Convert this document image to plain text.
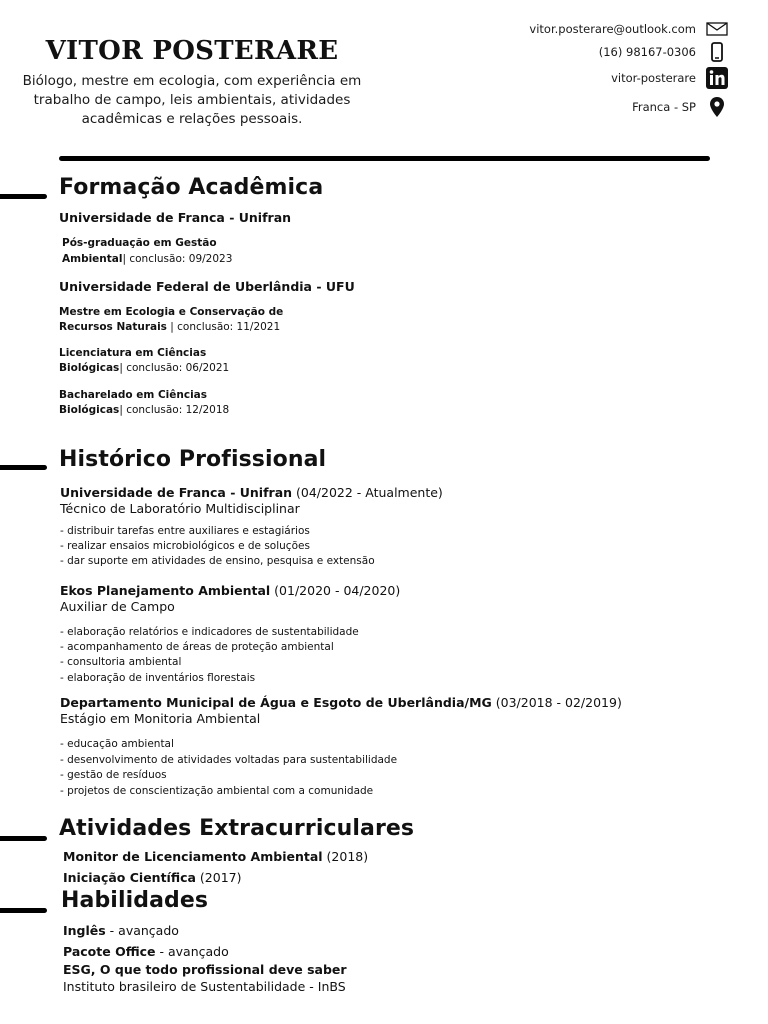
VITOR POSTERARE
Biólogo, mestre em ecologia, com experiência em trabalho de campo, leis ambientais, atividades acadêmicas e relações pessoais.
vitor.posterare@outlook.com
(16) 98167-0306
vitor-posterare
Franca - SP
Formação Acadêmica
Universidade de Franca - Unifran
Pós-graduação em Gestão
Ambiental| conclusão: 09/2023
Universidade Federal de Uberlândia - UFU
Mestre em Ecologia e Conservação de
Recursos Naturais | conclusão: 11/2021
Licenciatura em Ciências
Biológicas| conclusão: 06/2021
Bacharelado em Ciências
Biológicas| conclusão: 12/2018
Histórico Profissional
Universidade de Franca - Unifran (04/2022 - Atualmente)
Técnico de Laboratório Multidisciplinar
- distribuir tarefas entre auxiliares e estagiários
- realizar ensaios microbiológicos e de soluções
- dar suporte em atividades de ensino, pesquisa e extensão
Ekos Planejamento Ambiental (01/2020 - 04/2020)
Auxiliar de Campo
- elaboração relatórios e indicadores de sustentabilidade
- acompanhamento de áreas de proteção ambiental
- consultoria ambiental
- elaboração de inventários florestais
Departamento Municipal de Água e Esgoto de Uberlândia/MG (03/2018 - 02/2019)
Estágio em Monitoria Ambiental
- educação ambiental
- desenvolvimento de atividades voltadas para sustentabilidade
- gestão de resíduos
- projetos de conscientização ambiental com a comunidade
Atividades Extracurriculares
Monitor de Licenciamento Ambiental (2018)
Iniciação Científica (2017)
Habilidades
Inglês - avançado
Pacote Office - avançado
ESG, O que todo profissional deve saber
Instituto brasileiro de Sustentabilidade - InBS
